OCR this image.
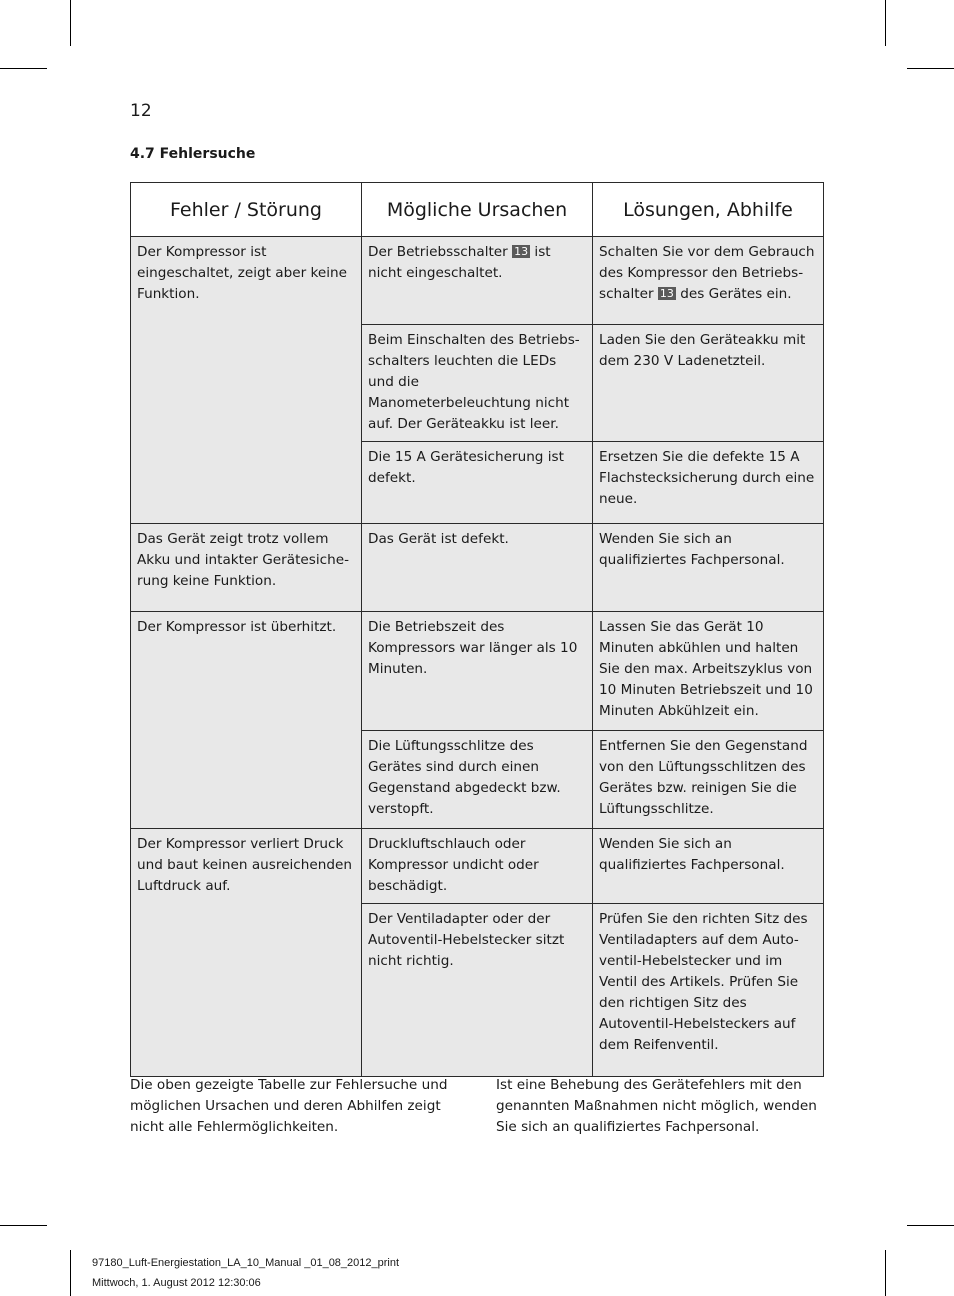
12
4.7 Fehlersuche
Fehler / Störung	Mögliche Ursachen	Lösungen, Abhilfe
Der Kompressor ist eingeschaltet, zeigt aber keine Funktion.	Der Betriebsschalter 13 ist nicht eingeschaltet.	Schalten Sie vor dem Gebrauch des Kompressor den Betriebsschalter 13 des Gerätes ein.
	Beim Einschalten des Betriebsschalters leuchten die LEDs und die Manometerbeleuchtung nicht auf. Der Geräteakku ist leer.	Laden Sie den Geräteakku mit dem 230 V Ladenetzteil.
	Die 15 A Gerätesicherung ist defekt.	Ersetzen Sie die defekte 15 A Flachstecksicherung durch eine neue.
Das Gerät zeigt trotz vollem Akku und intakter Gerätesicherung keine Funktion.	Das Gerät ist defekt.	Wenden Sie sich an qualifiziertes Fachpersonal.
Der Kompressor ist überhitzt.	Die Betriebszeit des Kompressors war länger als 10 Minuten.	Lassen Sie das Gerät 10 Minuten abkühlen und halten Sie den max. Arbeitszyklus von 10 Minuten Betriebszeit und 10 Minuten Abkühlzeit ein.
	Die Lüftungsschlitze des Gerätes sind durch einen Gegenstand abgedeckt bzw. verstopft.	Entfernen Sie den Gegenstand von den Lüftungsschlitzen des Gerätes bzw. reinigen Sie die Lüftungsschlitze.
Der Kompressor verliert Druck und baut keinen ausreichenden Luftdruck auf.	Druckluftschlauch oder Kompressor undicht oder beschädigt.	Wenden Sie sich an qualifiziertes Fachpersonal.
	Der Ventiladapter oder der Autoventil-Hebelstecker sitzt nicht richtig.	Prüfen Sie den richten Sitz des Ventiladapters auf dem Autoventil-Hebelstecker und im Ventil des Artikels. Prüfen Sie den richtigen Sitz des Autoventil-Hebelsteckers auf dem Reifenventil.
Die oben gezeigte Tabelle zur Fehlersuche und möglichen Ursachen und deren Abhilfen zeigt nicht alle Fehlermöglichkeiten.
Ist eine Behebung des Gerätefehlers mit den genannten Maßnahmen nicht möglich, wenden Sie sich an qualifiziertes Fachpersonal.
97180_Luft-Energiestation_LA_10_Manual _01_08_2012_print
Mittwoch, 1. August 2012 12:30:06
